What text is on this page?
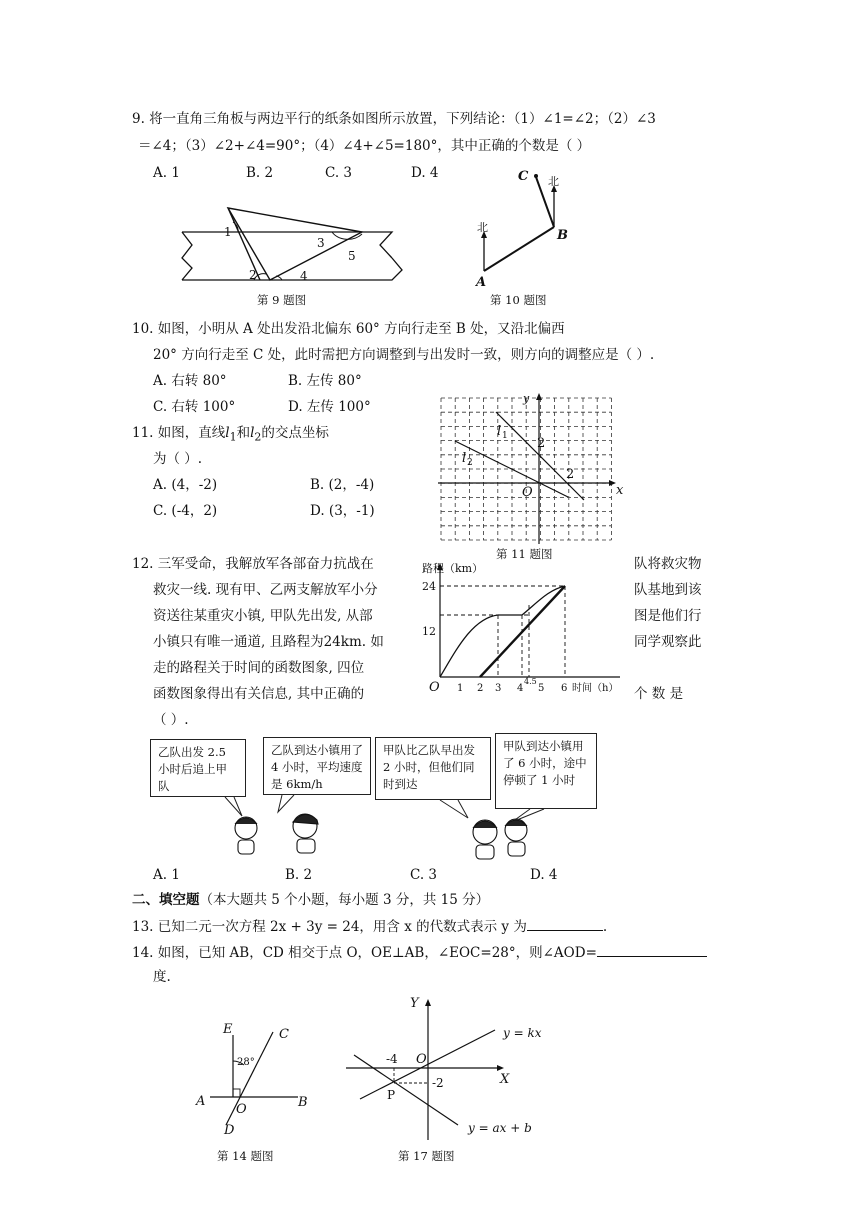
9. 将一直角三角板与两边平行的纸条如图所示放置，下列结论：（1）∠1=∠2；（2）∠3
＝∠4；（3）∠2+∠4=90°；（4）∠4+∠5=180°，其中正确的个数是（ ）
A. 1	B. 2	C. 3	D. 4
1
2
3
4
5
第 9 题图
C 北
B
北
A
第 10 题图
10. 如图，小明从 A 处出发沿北偏东 60° 方向行走至 B 处，又沿北偏西
20° 方向行走至 C 处，此时需把方向调整到与出发时一致，则方向的调整应是（ ）.
A. 右转 80°	B. 左传 80°
C. 右转 100°	D. 左传 100°
11. 如图，直线$l_1$和$l_2$的交点坐标
为（ ）.
A. (4，-2)	B. (2，-4)
C. (-4，2)	D. (3，-1)
y
x
O
l 1
l 2
2
2
第 11 题图
12. 三军受命，我解放军各部奋力抗战在	队将救灾物
救灾一线. 现有甲、乙两支解放军小分	队基地到该
资送往某重灾小镇, 甲队先出发, 从部	图是他们行
小镇只有唯一通道, 且路程为24km. 如	同学观察此
走的路程关于时间的函数图象, 四位
个 数 是
函数图象得出有关信息, 其中正确的
（ ）.
路程（km）
24
12
O 1 2 3 4
4.5
5 6 时间（h）
乙队出发 2.5 小时后追上甲队
乙队到达小镇用了 4 小时，平均速度是 6km/h
甲队比乙队早出发 2 小时，但他们同时到达
甲队到达小镇用了 6 小时，途中停顿了 1 小时
A. 1	B. 2	C. 3	D. 4
二、填空题（本大题共 5 个小题，每小题 3 分，共 15 分）
13. 已知二元一次方程 2x + 3y = 24，用含 x 的代数式表示 y 为	.
14. 如图，已知 AB，CD 相交于点 O，OE⊥AB，∠EOC=28°，则∠AOD=
度.
E	C
28°
A
O	B
D
第 14 题图
Y
X
O
-4
-2
P
y = kx
y = ax + b
第 17 题图
